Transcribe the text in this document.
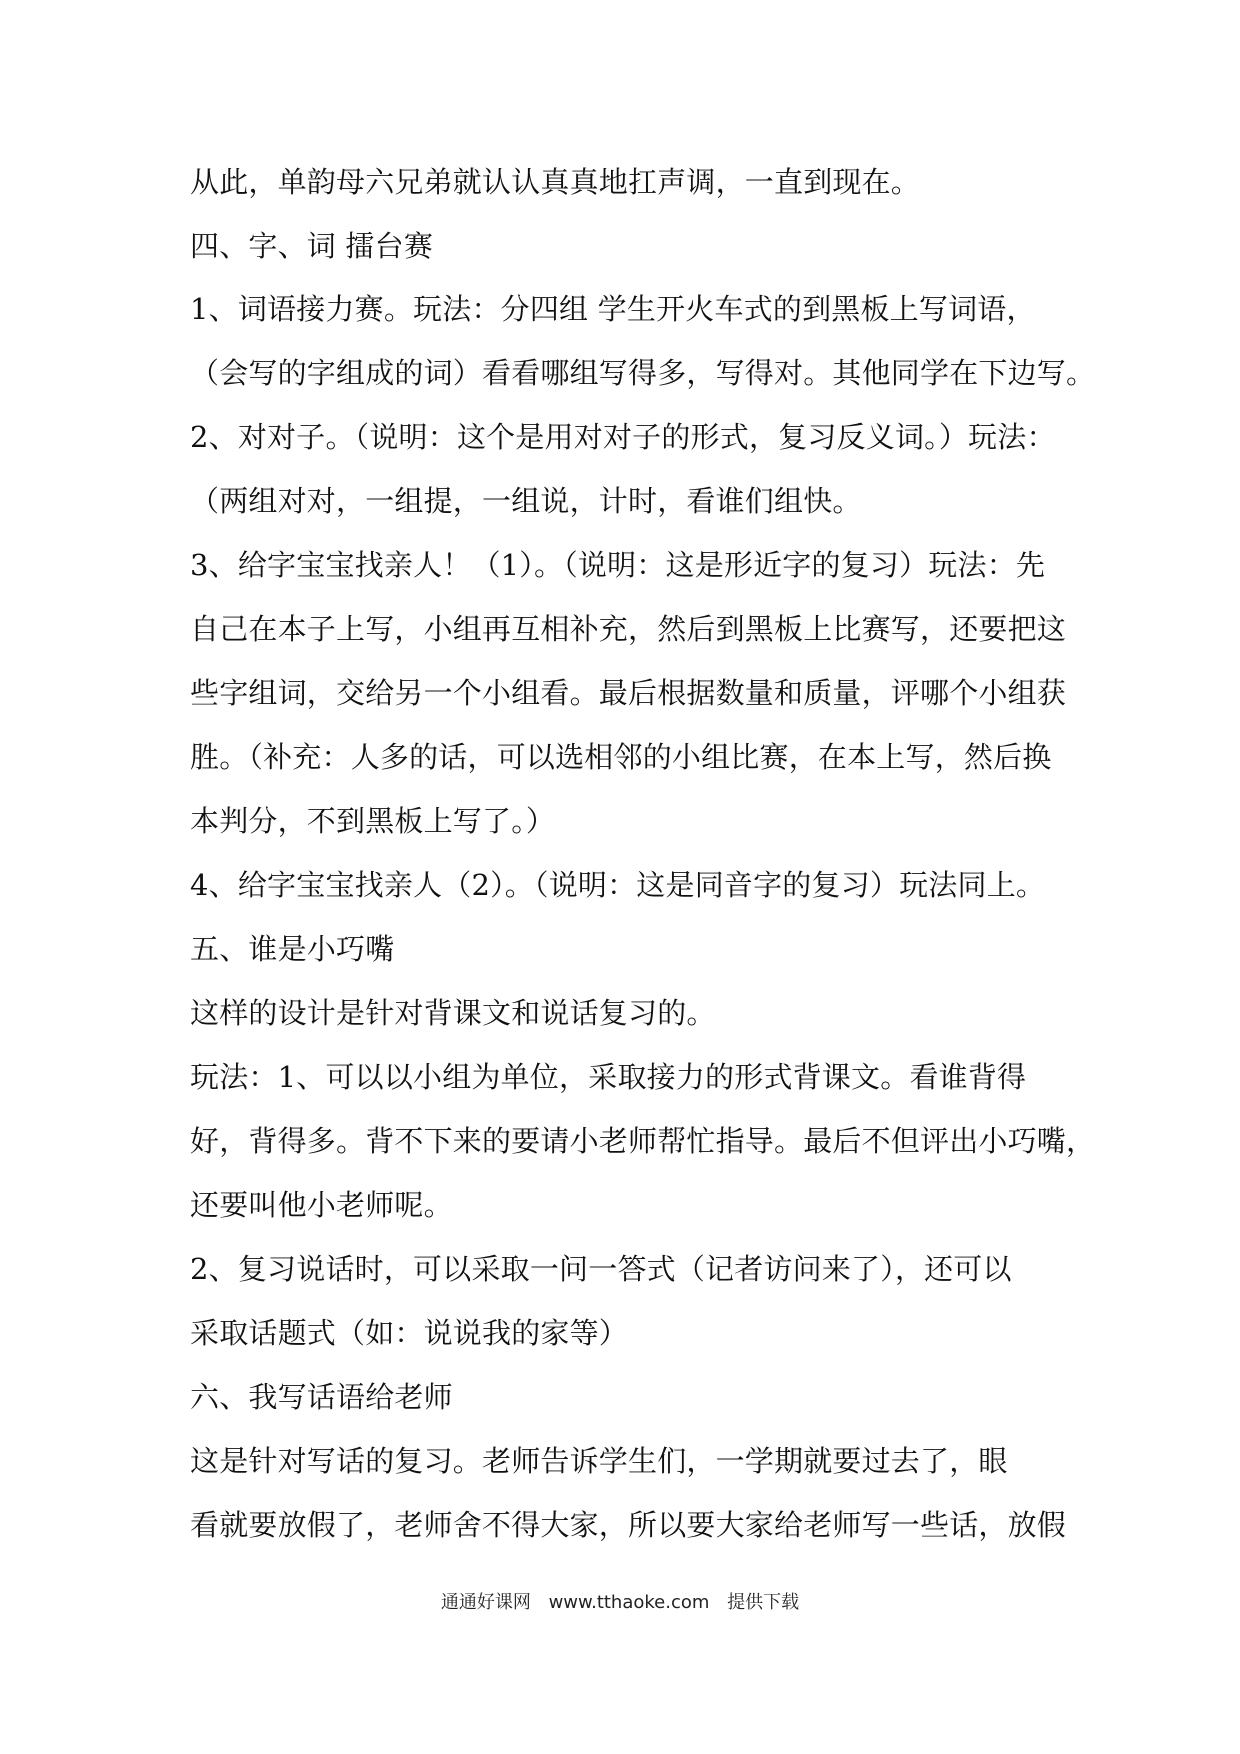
从此，单韵母六兄弟就认认真真地扛声调，一直到现在。
四、字、词 擂台赛
1、词语接力赛。玩法：分四组 学生开火车式的到黑板上写词语，
（会写的字组成的词）看看哪组写得多，写得对。其他同学在下边写。
2、对对子。（说明：这个是用对对子的形式，复习反义词。）玩法：
（两组对对，一组提，一组说，计时，看谁们组快。
3、给字宝宝找亲人！（1）。（说明：这是形近字的复习）玩法：先
自己在本子上写，小组再互相补充，然后到黑板上比赛写，还要把这
些字组词，交给另一个小组看。最后根据数量和质量，评哪个小组获
胜。（补充：人多的话，可以选相邻的小组比赛，在本上写，然后换
本判分，不到黑板上写了。）
4、给字宝宝找亲人（2）。（说明：这是同音字的复习）玩法同上。
五、谁是小巧嘴
这样的设计是针对背课文和说话复习的。
玩法：1、可以以小组为单位，采取接力的形式背课文。看谁背得
好，背得多。背不下来的要请小老师帮忙指导。最后不但评出小巧嘴，
还要叫他小老师呢。
2、复习说话时，可以采取一问一答式（记者访问来了），还可以
采取话题式（如：说说我的家等）
六、我写话语给老师
这是针对写话的复习。老师告诉学生们，一学期就要过去了，眼
看就要放假了，老师舍不得大家，所以要大家给老师写一些话，放假
通通好课网 www.tthaoke.com 提供下载
